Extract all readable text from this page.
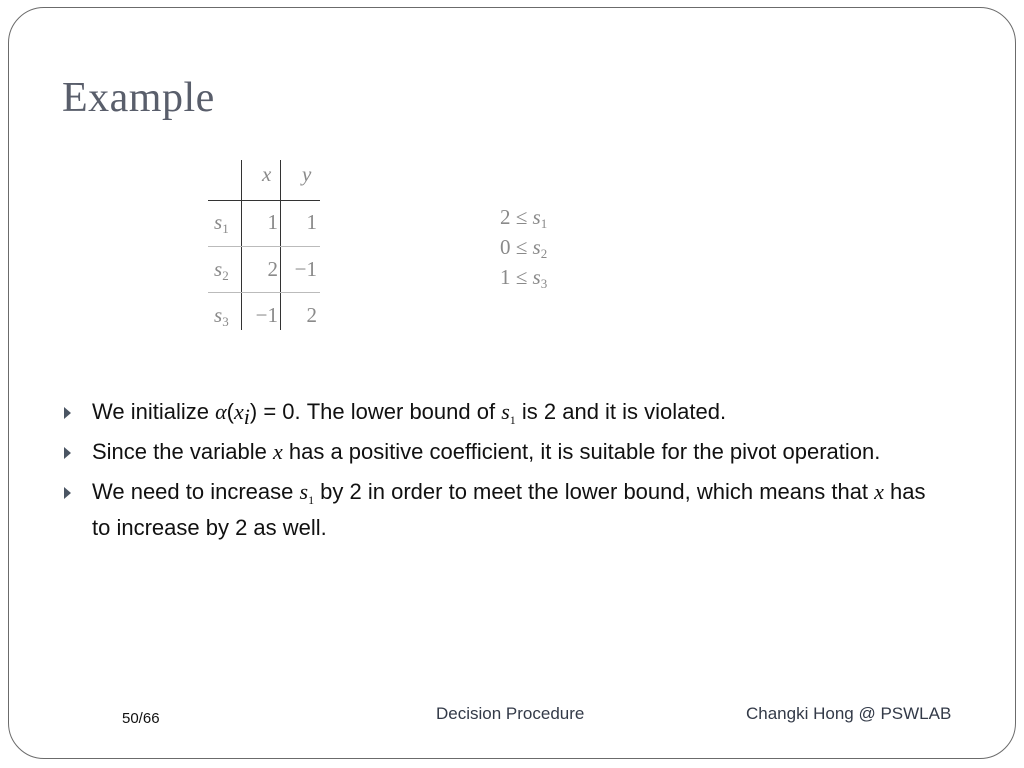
Example
x y
$s_1$ 1 1
$s_2$ 2 −1
$s_3 -1$ 2
$2 \le s_1$
$0 \le s_2$
$1 \le s_3$
We initialize $\alpha(x_i) = 0$. The lower bound of $s_1$ is 2 and it is violated.
Since the variable x has a positive coefficient, it is suitable for the pivot operation.
We need to increase $s_1$ by 2 in order to meet the lower bound, which means that x has to increase by 2 as well.
50/66	Decision Procedure	Changki Hong @ PSWLAB
